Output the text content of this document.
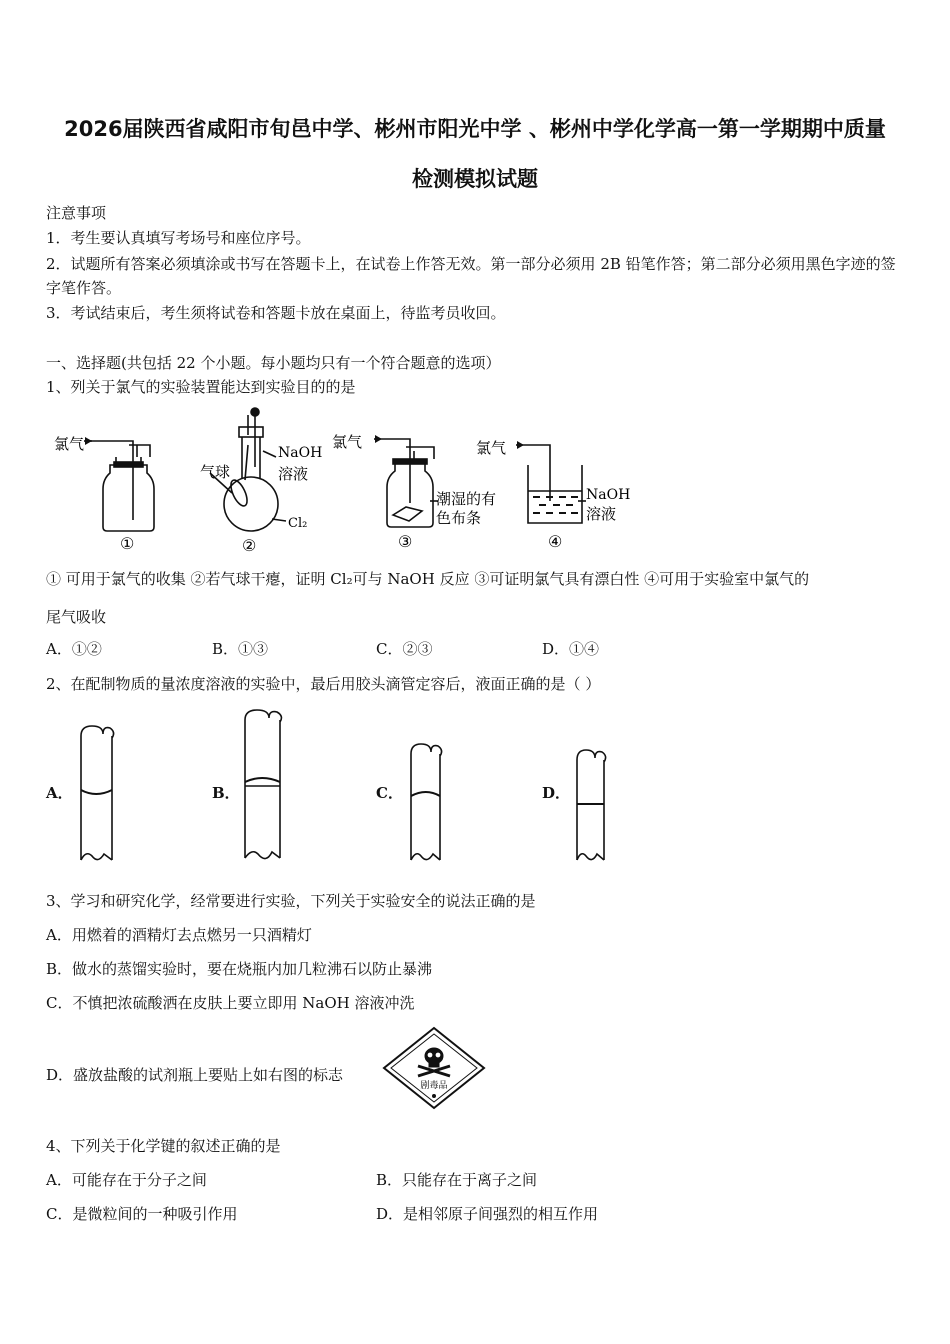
2026届陕西省咸阳市旬邑中学、彬州市阳光中学 、彬州中学化学高一第一学期期中质量
检测模拟试题
注意事项
1．考生要认真填写考场号和座位序号。
2．试题所有答案必须填涂或书写在答题卡上，在试卷上作答无效。第一部分必须用 2B 铅笔作答；第二部分必须用黑色字迹的签字笔作答。
3．考试结束后，考生须将试卷和答题卡放在桌面上，待监考员收回。
一、选择题(共包括 22 个小题。每小题均只有一个符合题意的选项）
1、列关于氯气的实验装置能达到实验目的的是
氯气
①
气球
NaOH
溶液
Cl₂
②
氯气
潮湿的有
色布条
③
氯气
NaOH
溶液
④
① 可用于氯气的收集 ②若气球干瘪，证明 Cl₂可与 NaOH 反应 ③可证明氯气具有漂白性 ④可用于实验室中氯气的
尾气吸收
A．①②	B．①③	C．②③	D．①④
2、在配制物质的量浓度溶液的实验中，最后用胶头滴管定容后，液面正确的是（ ）
A．	B．	C．	D．
3、学习和研究化学，经常要进行实验，下列关于实验安全的说法正确的是
A．用燃着的酒精灯去点燃另一只酒精灯
B．做水的蒸馏实验时，要在烧瓶内加几粒沸石以防止暴沸
C．不慎把浓硫酸洒在皮肤上要立即用 NaOH 溶液冲洗
D．盛放盐酸的试剂瓶上要贴上如右图的标志
剧毒品
4、下列关于化学键的叙述正确的是
A．可能存在于分子之间	B．只能存在于离子之间
C．是微粒间的一种吸引作用	D．是相邻原子间强烈的相互作用
